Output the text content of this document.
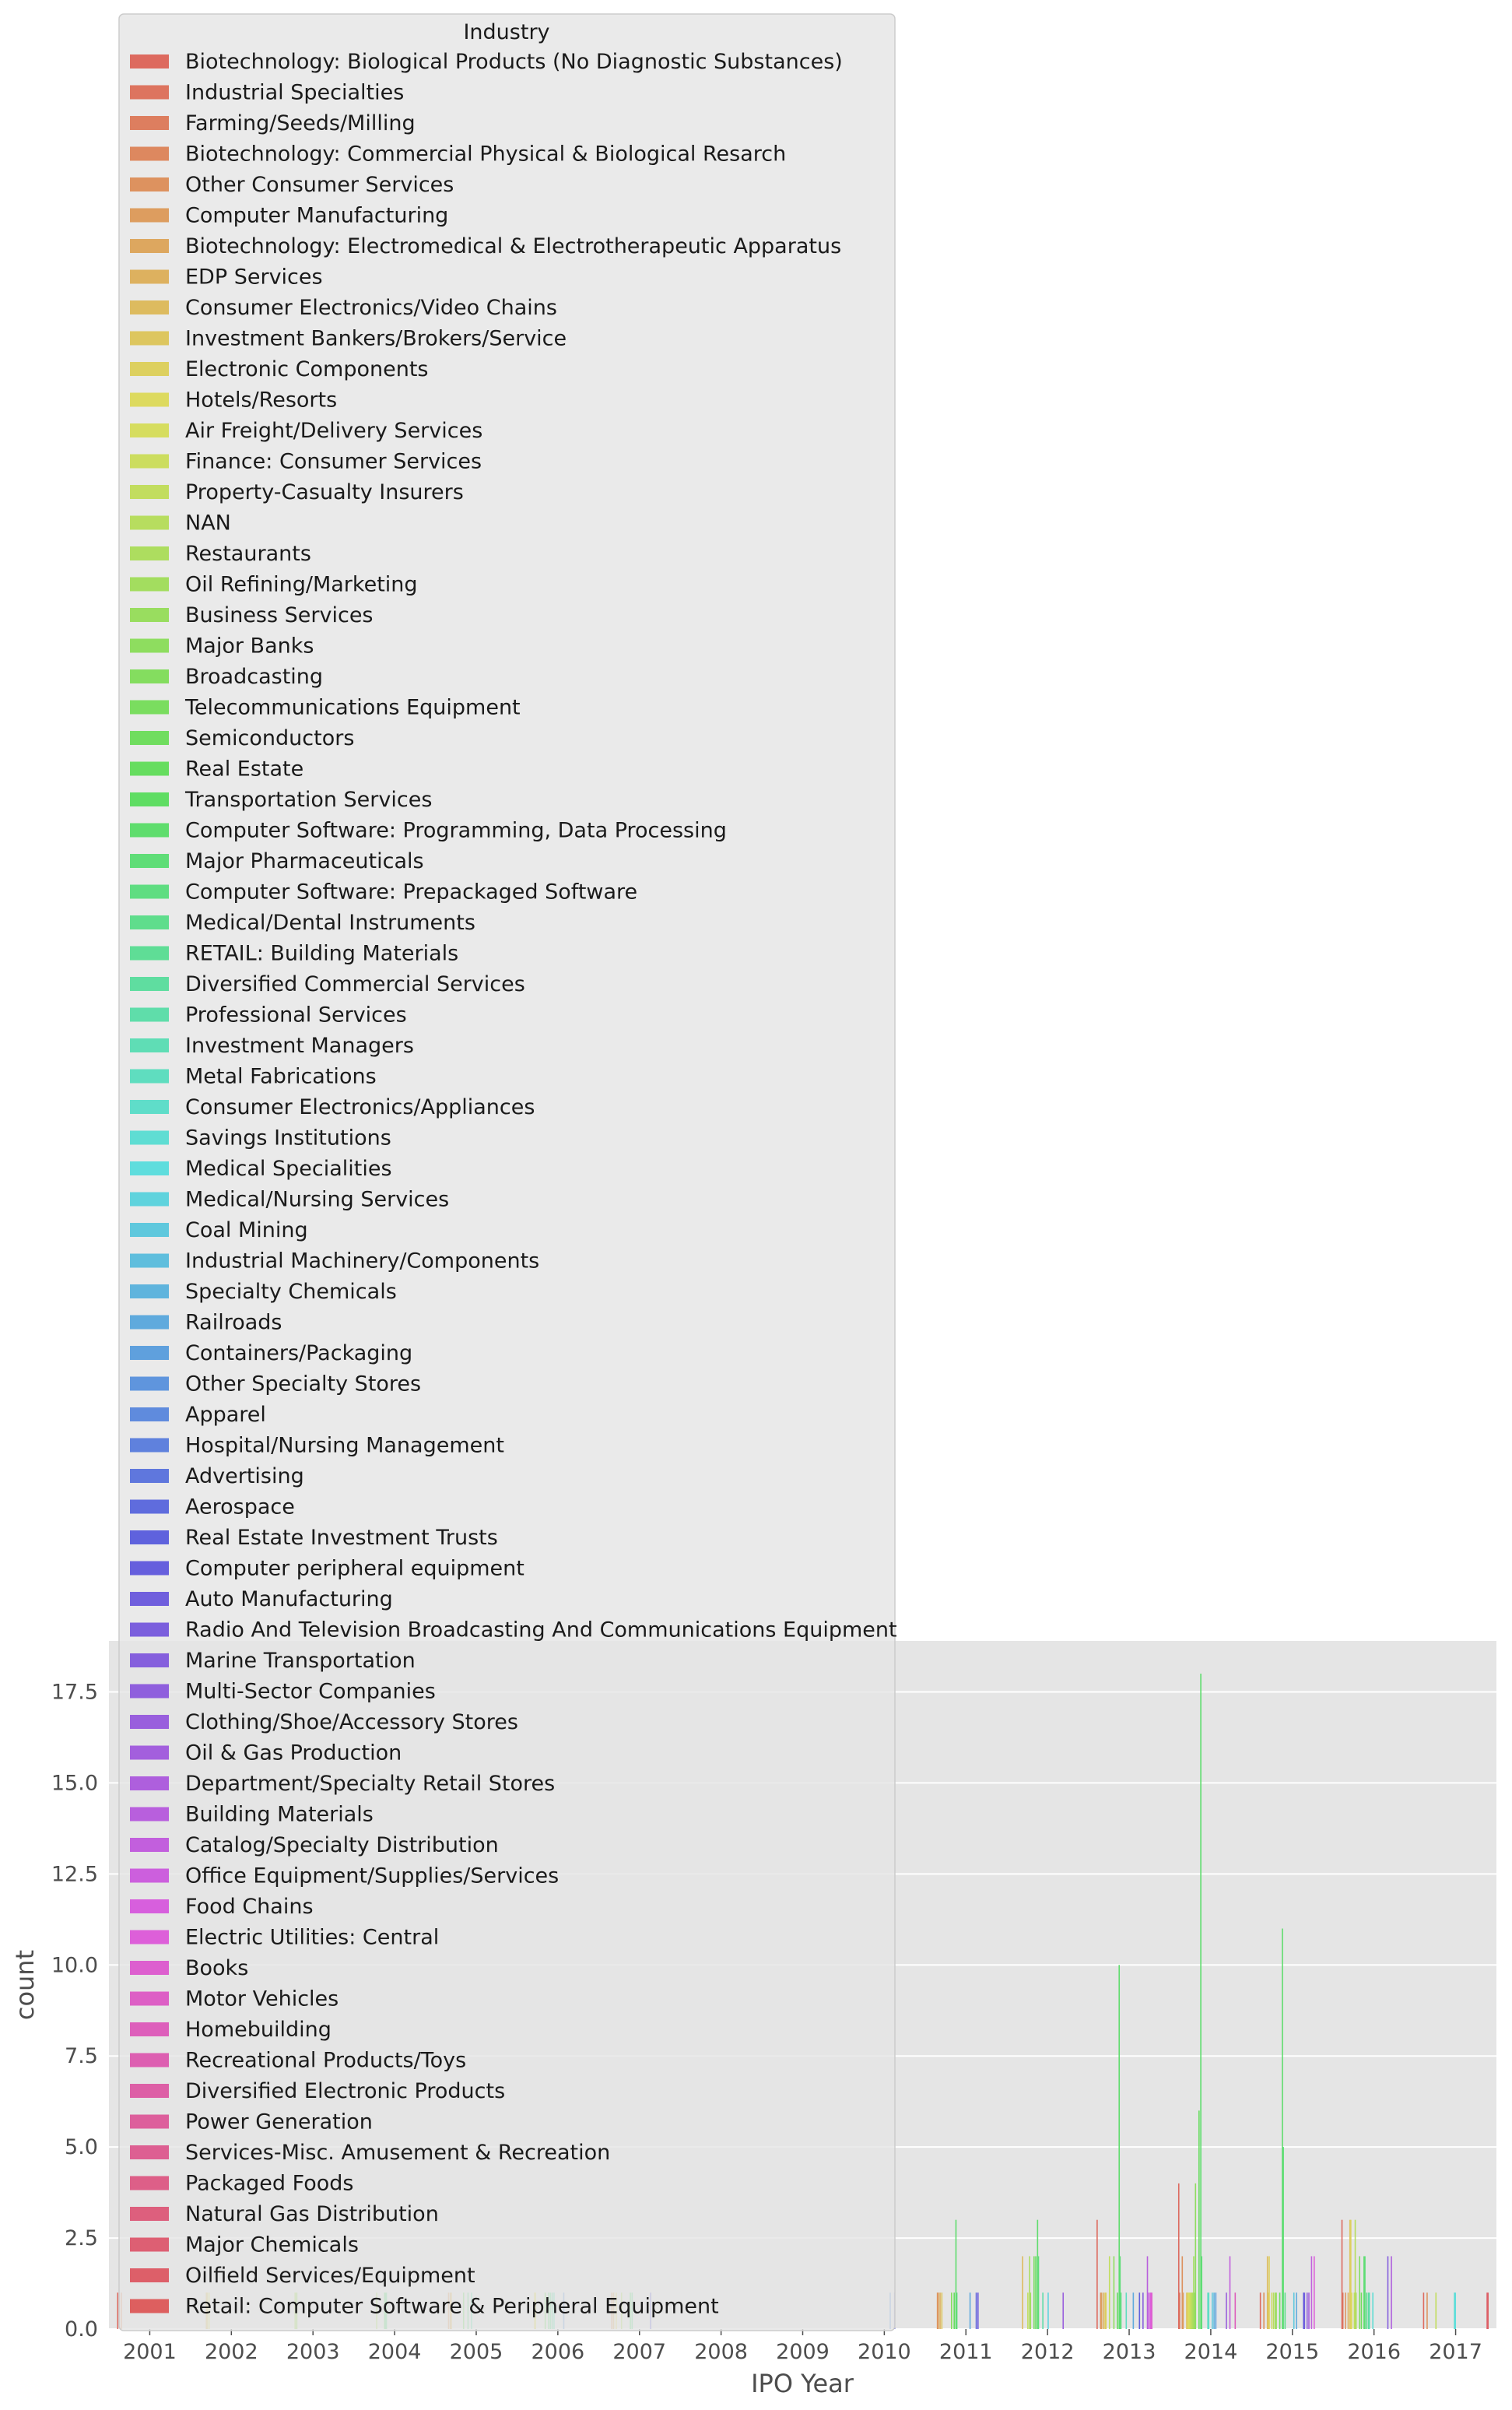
0.0
2.5
5.0
7.5
10.0
12.5
15.0
17.5
2001 2002 2003 2004 2005 2006 2007 2008 2009 2010 2011 2012 2013 2014 2015 2016 2017
IPO Year
count
Industry
Biotechnology: Biological Products (No Diagnostic Substances)
Industrial Specialties
Farming/Seeds/Milling
Biotechnology: Commercial Physical & Biological Resarch
Other Consumer Services
Computer Manufacturing
Biotechnology: Electromedical & Electrotherapeutic Apparatus
EDP Services
Consumer Electronics/Video Chains
Investment Bankers/Brokers/Service
Electronic Components
Hotels/Resorts
Air Freight/Delivery Services
Finance: Consumer Services
Property-Casualty Insurers
NAN
Restaurants
Oil Refining/Marketing
Business Services
Major Banks
Broadcasting
Telecommunications Equipment
Semiconductors
Real Estate
Transportation Services
Computer Software: Programming, Data Processing
Major Pharmaceuticals
Computer Software: Prepackaged Software
Medical/Dental Instruments
RETAIL: Building Materials
Diversified Commercial Services
Professional Services
Investment Managers
Metal Fabrications
Consumer Electronics/Appliances
Savings Institutions
Medical Specialities
Medical/Nursing Services
Coal Mining
Industrial Machinery/Components
Specialty Chemicals
Railroads
Containers/Packaging
Other Specialty Stores
Apparel
Hospital/Nursing Management
Advertising
Aerospace
Real Estate Investment Trusts
Computer peripheral equipment
Auto Manufacturing
Radio And Television Broadcasting And Communications Equipment
Marine Transportation
Multi-Sector Companies
Clothing/Shoe/Accessory Stores
Oil & Gas Production
Department/Specialty Retail Stores
Building Materials
Catalog/Specialty Distribution
Office Equipment/Supplies/Services
Food Chains
Electric Utilities: Central
Books
Motor Vehicles
Homebuilding
Recreational Products/Toys
Diversified Electronic Products
Power Generation
Services-Misc. Amusement & Recreation
Packaged Foods
Natural Gas Distribution
Major Chemicals
Oilfield Services/Equipment
Retail: Computer Software & Peripheral Equipment
